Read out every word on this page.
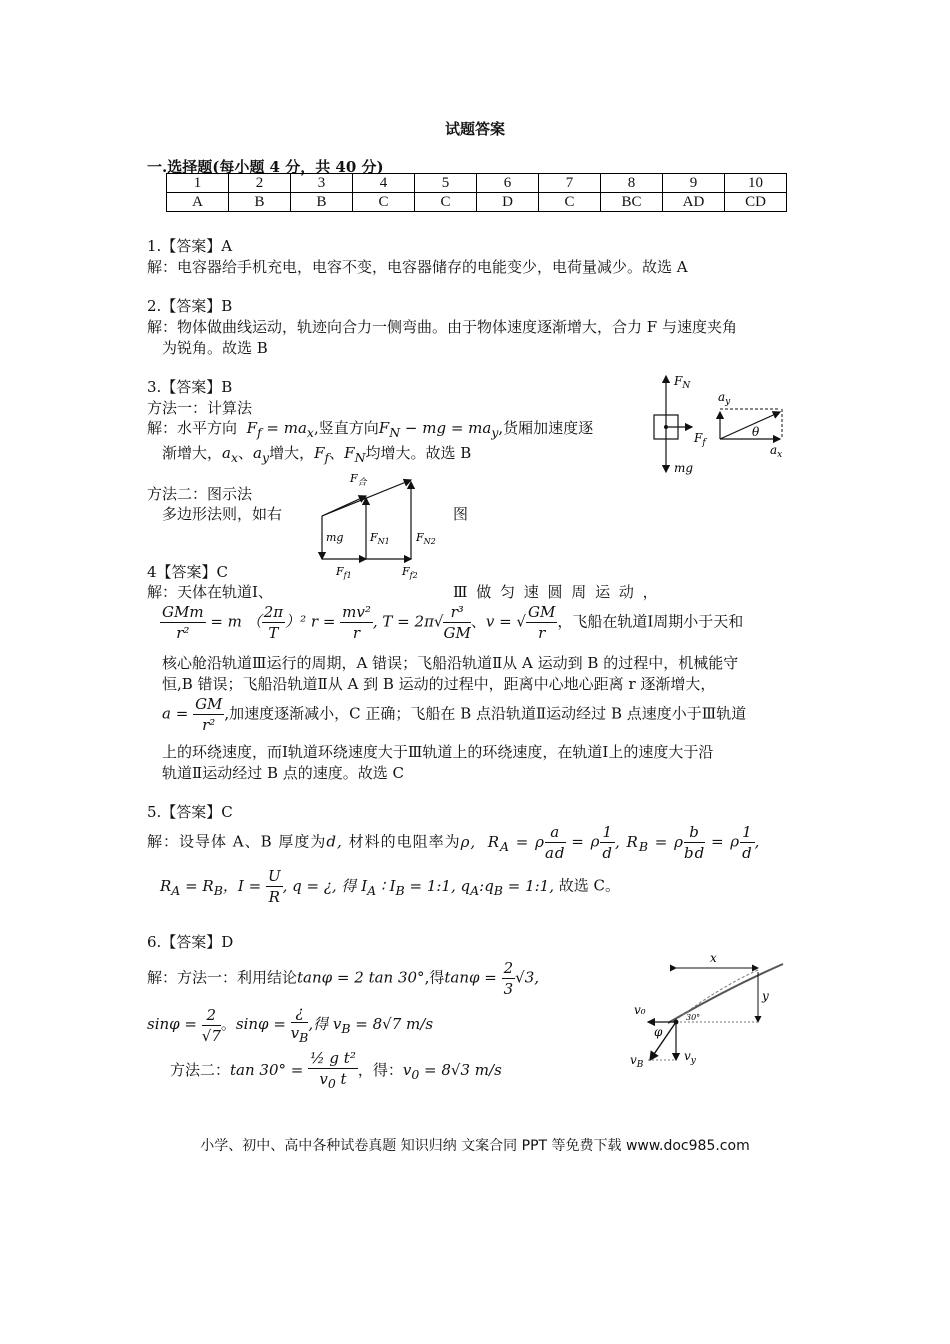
试题答案
一.选择题(每小题 4 分，共 40 分)
1	2	3	4	5	6	7	8	9	10
A	B	B	C	C	D	C	BC	AD	CD
1.【答案】A
解：电容器给手机充电，电容不变，电容器储存的电能变少，电荷量减少。故选 A
2.【答案】B
解：物体做曲线运动，轨迹向合力一侧弯曲。由于物体速度逐渐增大，合力 F 与速度夹角
为锐角。故选 B
3.【答案】B
方法一：计算法
解：水平方向  $F_f = ma_x$,竖直方向$F_N$ − mg = $ma_y$,货厢加速度逐
渐增大，$a_x$、$a_y$增大，$F_f$、$F_N$均增大。故选 B
$F_N$
$F_f$
mg
$a_y$
$a_x$
θ
方法二：图示法
多边形法则，如右	图
$F_合$
mg $F_{N1}$ $F_{N2}$
$F_{f1}$	$F_{f2}$
4【答案】C
解：天体在轨道Ⅰ、	Ⅲ 做 匀 速 圆 周 运 动 ，
$\frac{\text{GMm}}{\text{r²}} = m$ （ $\frac{2\pi}{T} )^2$ $r = \frac{\text{mv²}}{r}$ , $T = 2\pi√ \frac{\text{r³}}{GM}$ 、v = √ $\frac{GM}{r}$ ，飞船在轨道Ⅰ周期小于天和
核心舱沿轨道Ⅲ运行的周期，A 错误；飞船沿轨道Ⅱ从 A 运动到 B 的过程中，机械能守
恒,B 错误；飞船沿轨道Ⅱ从 A 到 B 运动的过程中，距离中心地心距离 r 逐渐增大，
$a = \frac{GM}{\text{r²}}$ ,加速度逐渐减小，C 正确；飞船在 B 点沿轨道Ⅱ运动经过 B 点速度小于Ⅲ轨道
上的环绕速度，而Ⅰ轨道环绕速度大于Ⅲ轨道上的环绕速度，在轨道Ⅰ上的速度大于沿
轨道Ⅱ运动经过 B 点的速度。故选 C
5.【答案】C
解：设导体 A、B 厚度为d, 材料的电阻率为ρ,  $R_A = \rho \frac{a}{ad} = \rho \frac{1}{d}$ , $R_B = \rho \frac{b}{bd} = \rho \frac{1}{d}$ ,
$R_A = R_B$，$I = \frac{U}{R}$ , q = ¿, 得 $I_A$ ∶ $I_B$ = 1:1, $q_A:q_B$ = 1:1, 故选 C。
6.【答案】D
解：方法一：利用结论tanφ = 2 tan 30°,得$\tan\varphi = \frac{2}{3} √3$,
$\sin\varphi = \frac{2}{√7}$ 。$\sin\varphi = \frac{¿}{v_B}$ ,得 $v_B = 8√7$ m/s
方法二：$\tan 30^\circ = \frac{\text{½ g t²}}{v_0 t}$ ，得：$v_0 = 8√3$ m/s
x
y
v₀
$v_B$
$v_y$
φ
30°
小学、初中、高中各种试卷真题 知识归纳 文案合同 PPT 等免费下载 www.doc985.com
